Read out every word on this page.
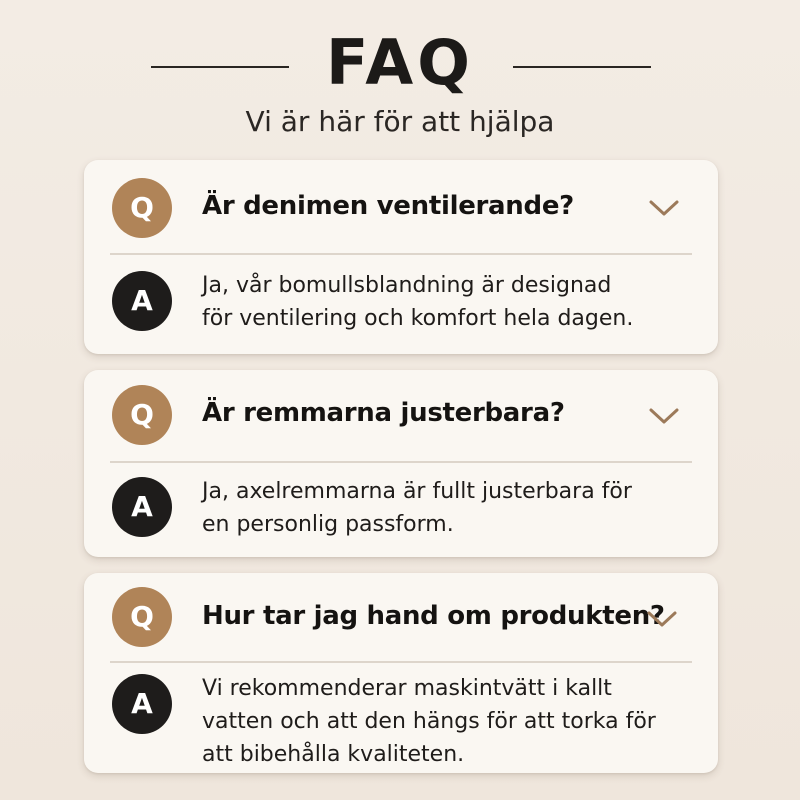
FAQ
Vi är här för att hjälpa
Q	Är denimen ventilerande?
A	Ja, vår bomullsblandning är designad
för ventilering och komfort hela dagen.
Q	Är remmarna justerbara?
A	Ja, axelremmarna är fullt justerbara för
en personlig passform.
Q	Hur tar jag hand om produkten?
A	Vi rekommenderar maskintvätt i kallt
vatten och att den hängs för att torka för
att bibehålla kvaliteten.
